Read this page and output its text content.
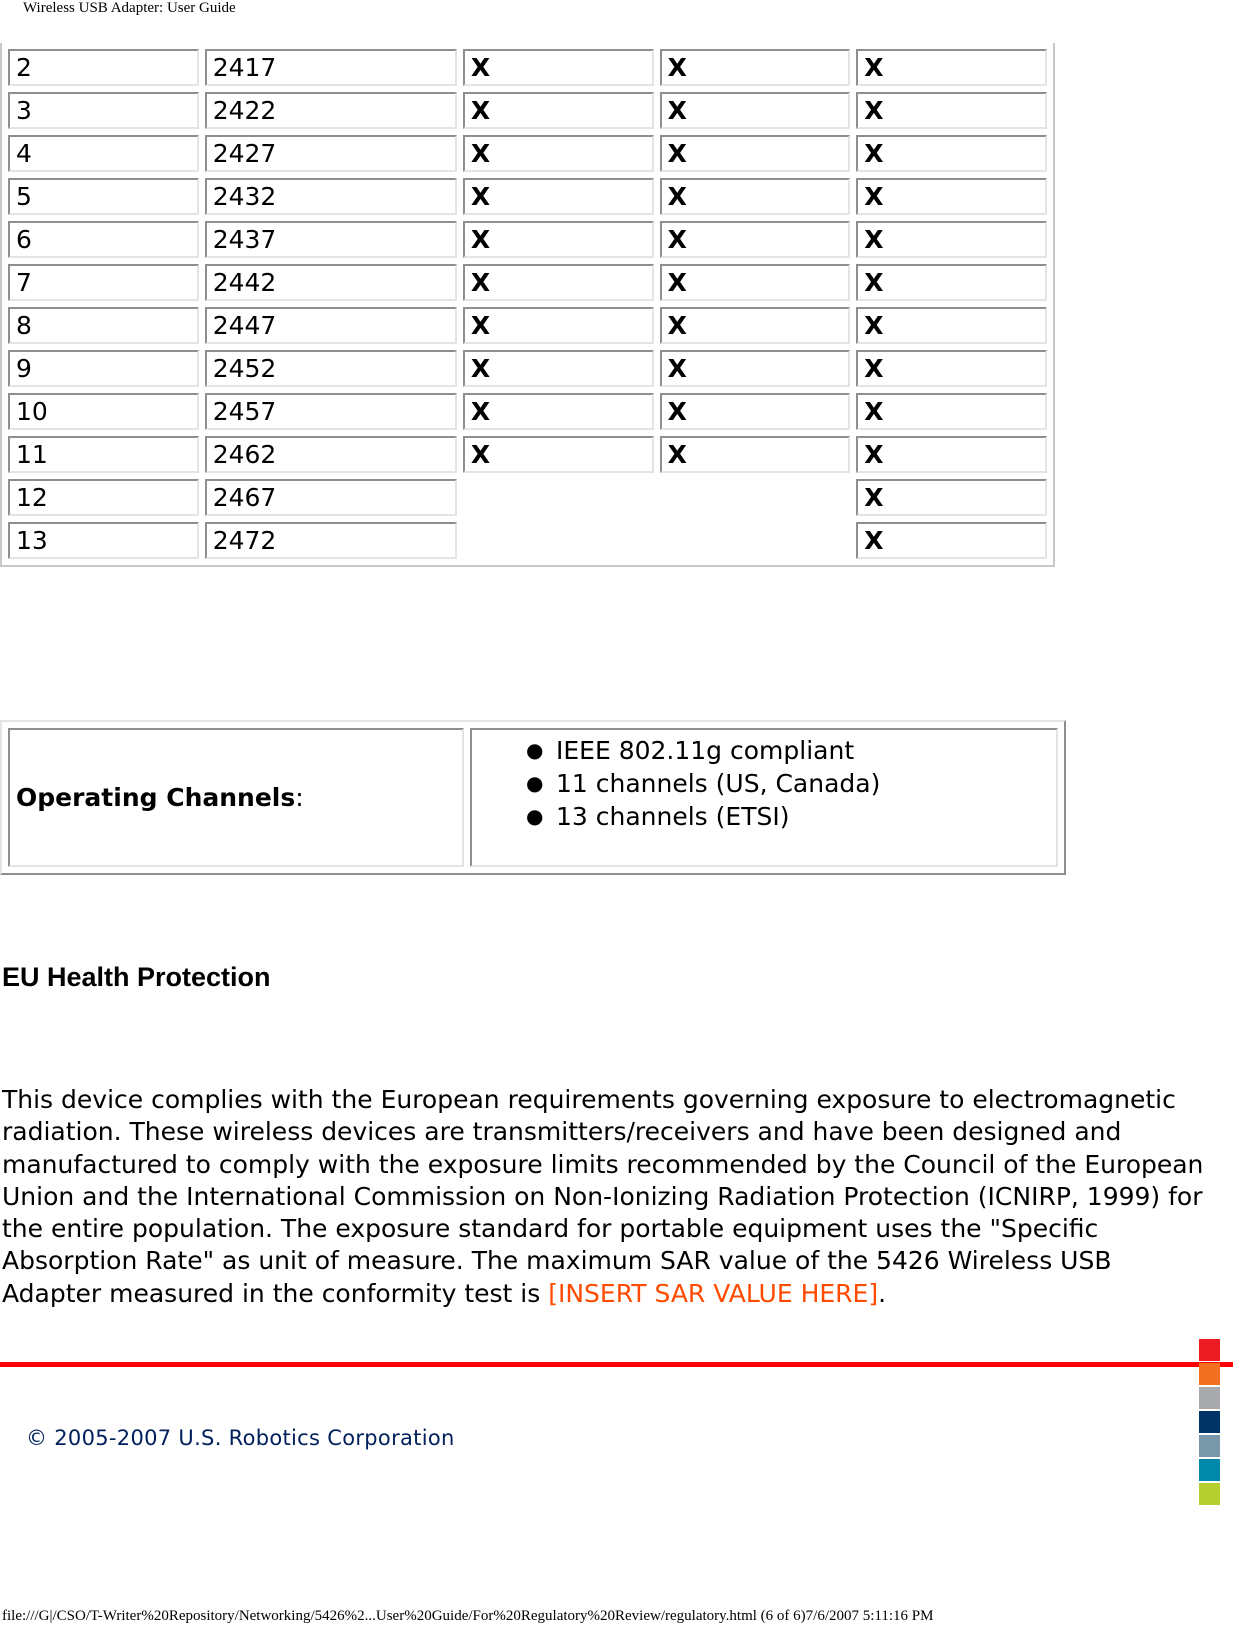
Wireless USB Adapter: User Guide
2	2417	X	X	X
3	2422	X	X	X
4	2427	X	X	X
5	2432	X	X	X
6	2437	X	X	X
7	2442	X	X	X
8	2447	X	X	X
9	2452	X	X	X
10	2457	X	X	X
11	2462	X	X	X
12	2467			X
13	2472			X
Operating Channels:	
● IEEE 802.11g compliant
● 11 channels (US, Canada)
● 13 channels (ETSI)
EU Health Protection

This device complies with the European requirements governing exposure to electromagnetic radiation. These wireless devices are transmitters/receivers and have been designed and manufactured to comply with the exposure limits recommended by the Council of the European Union and the International Commission on Non-Ionizing Radiation Protection (ICNIRP, 1999) for the entire population. The exposure standard for portable equipment uses the "Specific Absorption Rate" as unit of measure. The maximum SAR value of the 5426 Wireless USB Adapter measured in the conformity test is [INSERT SAR VALUE HERE].

© 2005-2007 U.S. Robotics Corporation
file:///G|/CSO/T-Writer%20Repository/Networking/5426%2...User%20Guide/For%20Regulatory%20Review/regulatory.html (6 of 6)7/6/2007 5:11:16 PM
